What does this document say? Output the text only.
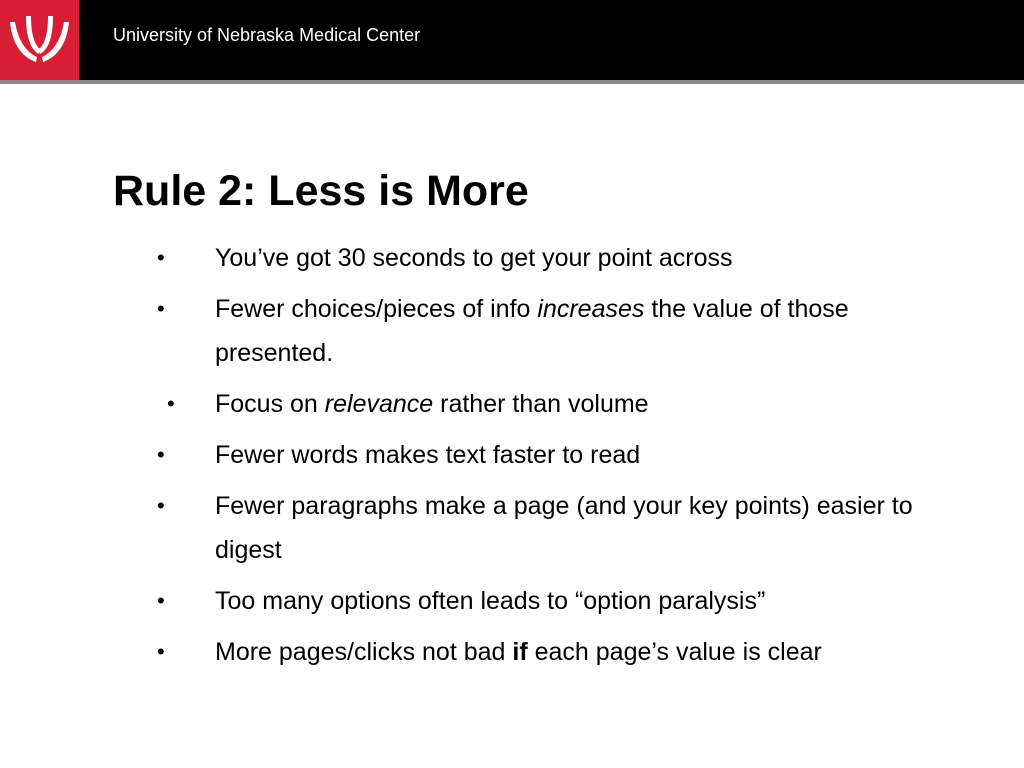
University of Nebraska Medical Center
Rule 2: Less is More
• You’ve got 30 seconds to get your point across
• Fewer choices/pieces of info increases the value of those presented.
• Focus on relevance rather than volume
• Fewer words makes text faster to read
• Fewer paragraphs make a page (and your key points) easier to digest
• Too many options often leads to “option paralysis”
• More pages/clicks not bad if each page’s value is clear
